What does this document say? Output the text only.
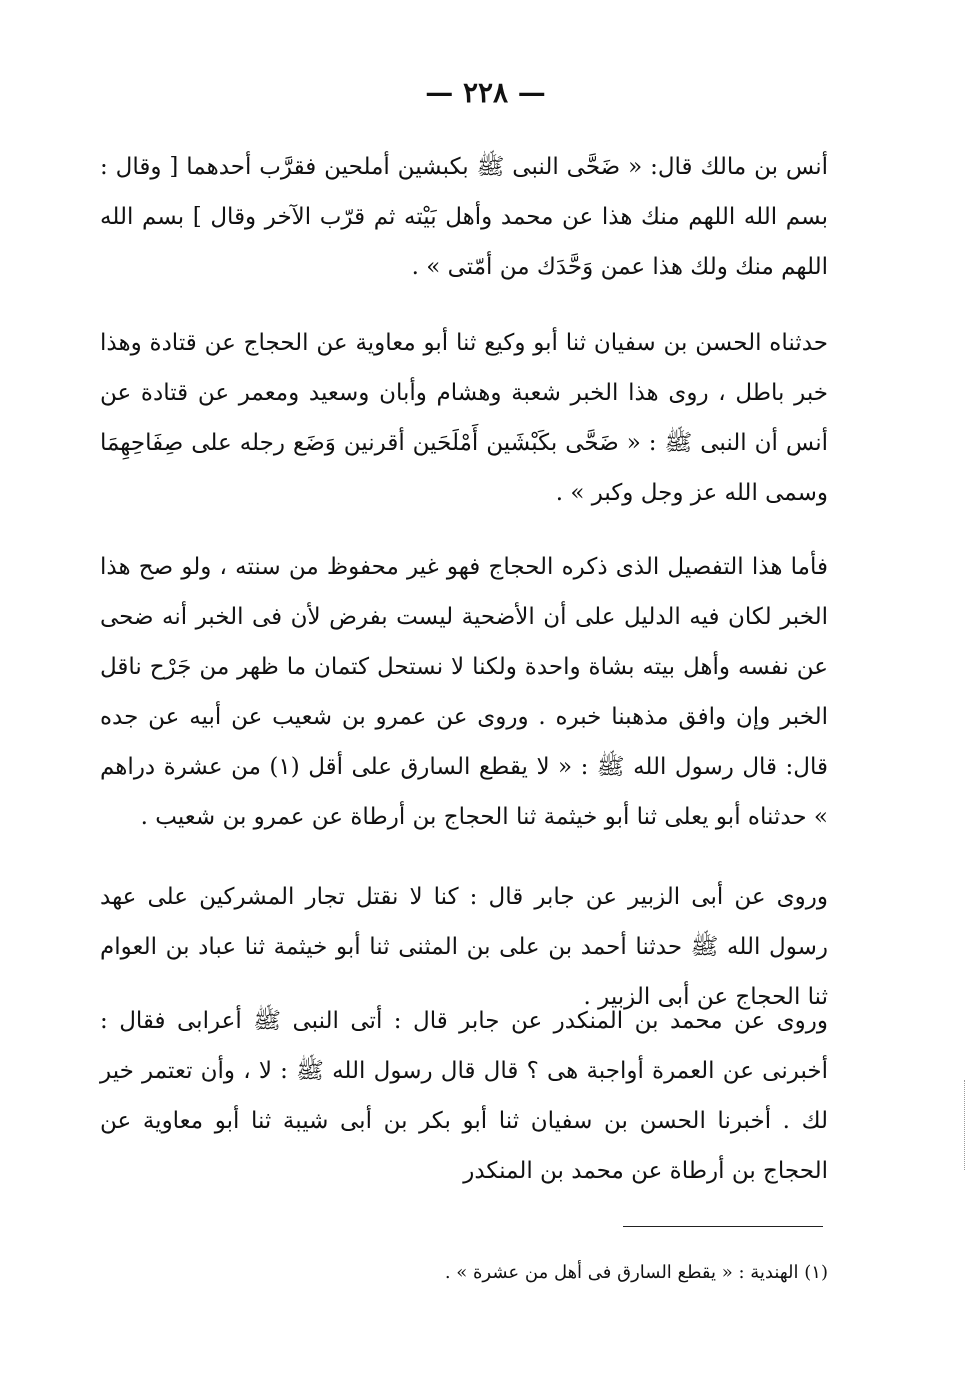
— ٢٢٨ —

أنس بن مالك قال: « ضَحَّى النبى ﷺ بكبشين أملحين فقرَّب أحدهما [ وقال : بسم الله اللهم منك هذا عن محمد وأهل بَيْته ثم قرّب الآخر وقال ] بسم الله اللهم منك ولك هذا عمن وَحَّدَك من أمّتى » .

حدثناه الحسن بن سفيان ثنا أبو وكيع ثنا أبو معاوية عن الحجاج عن قتادة وهذا خبر باطل ، روى هذا الخبر شعبة وهشام وأبان وسعيد ومعمر عن قتادة عن أنس أن النبى ﷺ : « ضَحَّى بكَبْشَين أَمْلَحَين أقرنين وَضَع رجله على صِفَاحِهِمَا وسمى الله عز وجل وكبر » .

فأما هذا التفصيل الذى ذكره الحجاج فهو غير محفوظ من سنته ، ولو صح هذا الخبر لكان فيه الدليل على أن الأضحية ليست بفرض لأن فى الخبر أنه ضحى عن نفسه وأهل بيته بشاة واحدة ولكنا لا نستحل كتمان ما ظهر من جَرْح ناقل الخبر وإن وافق مذهبنا خبره . وروى عن عمرو بن شعيب عن أبيه عن جده قال: قال رسول الله ﷺ : « لا يقطع السارق على أقل (١) من عشرة دراهم » حدثناه أبو يعلى ثنا أبو خيثمة ثنا الحجاج بن أرطاة عن عمرو بن شعيب .

وروى عن أبى الزبير عن جابر قال : كنا لا نقتل تجار المشركين على عهد رسول الله ﷺ حدثنا أحمد بن على بن المثنى ثنا أبو خيثمة ثنا عباد بن العوام ثنا الحجاج عن أبى الزبير .

وروى عن محمد بن المنكدر عن جابر قال : أتى النبى ﷺ أعرابى فقال : أخبرنى عن العمرة أواجبة هى ؟ قال قال رسول الله ﷺ : لا ، وأن تعتمر خير لك . أخبرنا الحسن بن سفيان ثنا أبو بكر بن أبى شيبة ثنا أبو معاوية عن الحجاج بن أرطاة عن محمد بن المنكدر

(١) الهندية : « يقطع السارق فى أهل من عشرة » .
